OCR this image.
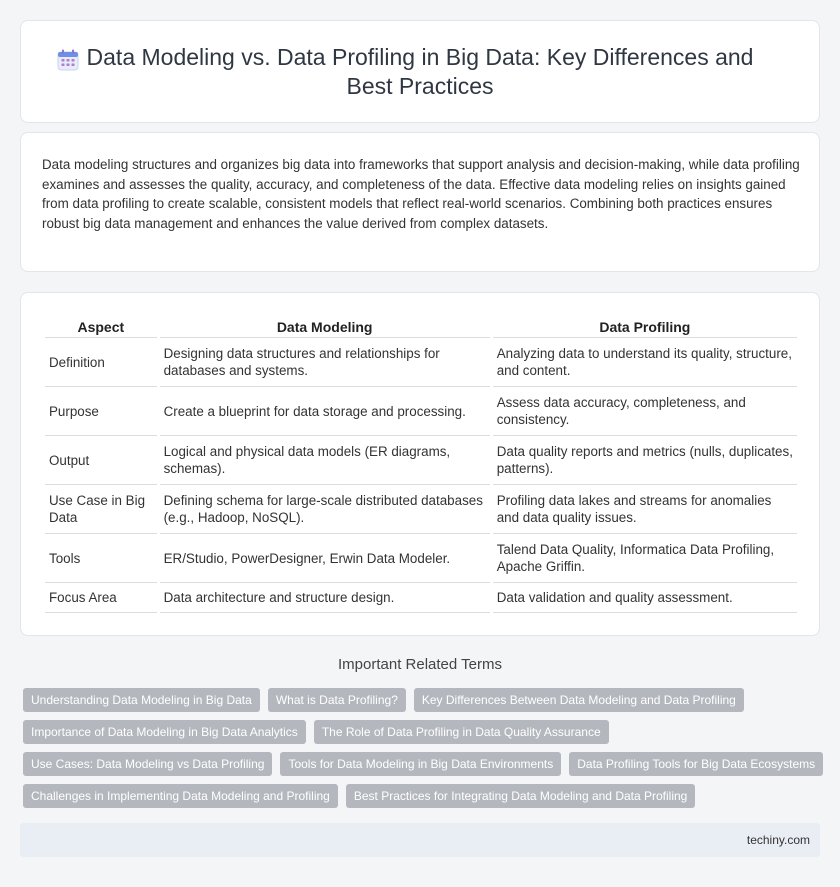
Data Modeling vs. Data Profiling in Big Data: Key Differences and Best Practices

Data modeling structures and organizes big data into frameworks that support analysis and decision-making, while data profiling examines and assesses the quality, accuracy, and completeness of the data. Effective data modeling relies on insights gained from data profiling to create scalable, consistent models that reflect real-world scenarios. Combining both practices ensures robust big data management and enhances the value derived from complex datasets.

Aspect	Data Modeling	Data Profiling
Definition	Designing data structures and relationships for databases and systems.	Analyzing data to understand its quality, structure, and content.
Purpose	Create a blueprint for data storage and processing.	Assess data accuracy, completeness, and consistency.
Output	Logical and physical data models (ER diagrams, schemas).	Data quality reports and metrics (nulls, duplicates, patterns).
Use Case in Big Data	Defining schema for large-scale distributed databases (e.g., Hadoop, NoSQL).	Profiling data lakes and streams for anomalies and data quality issues.
Tools	ER/Studio, PowerDesigner, Erwin Data Modeler.	Talend Data Quality, Informatica Data Profiling, Apache Griffin.
Focus Area	Data architecture and structure design.	Data validation and quality assessment.
Important Related Terms
Understanding Data Modeling in Big Data	What is Data Profiling?	Key Differences Between Data Modeling and Data Profiling
Importance of Data Modeling in Big Data Analytics	The Role of Data Profiling in Data Quality Assurance
Use Cases: Data Modeling vs Data Profiling	Tools for Data Modeling in Big Data Environments	Data Profiling Tools for Big Data Ecosystems
Challenges in Implementing Data Modeling and Profiling	Best Practices for Integrating Data Modeling and Data Profiling
techiny.com
